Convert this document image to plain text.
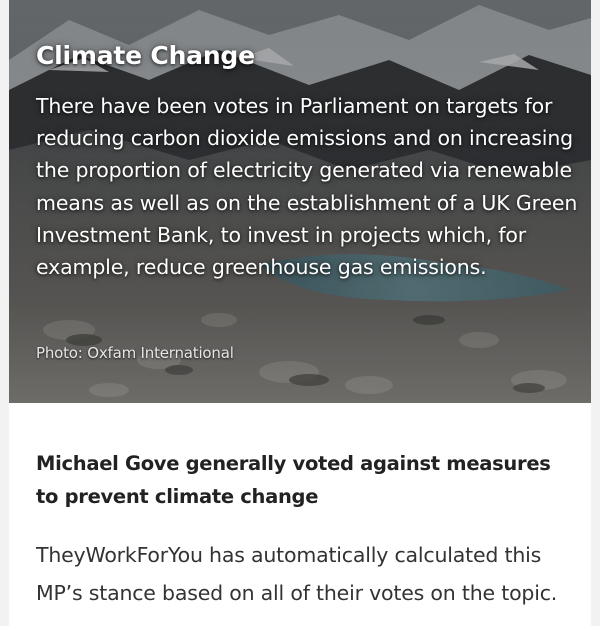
Climate Change

There have been votes in Parliament on targets for reducing carbon dioxide emissions and on increasing the proportion of electricity generated via renewable means as well as on the establishment of a UK Green Investment Bank, to invest in projects which, for example, reduce greenhouse gas emissions.

Photo: Oxfam International
Michael Gove generally voted against measures to prevent climate change

TheyWorkForYou has automatically calculated this MP’s stance based on all of their votes on the topic.
